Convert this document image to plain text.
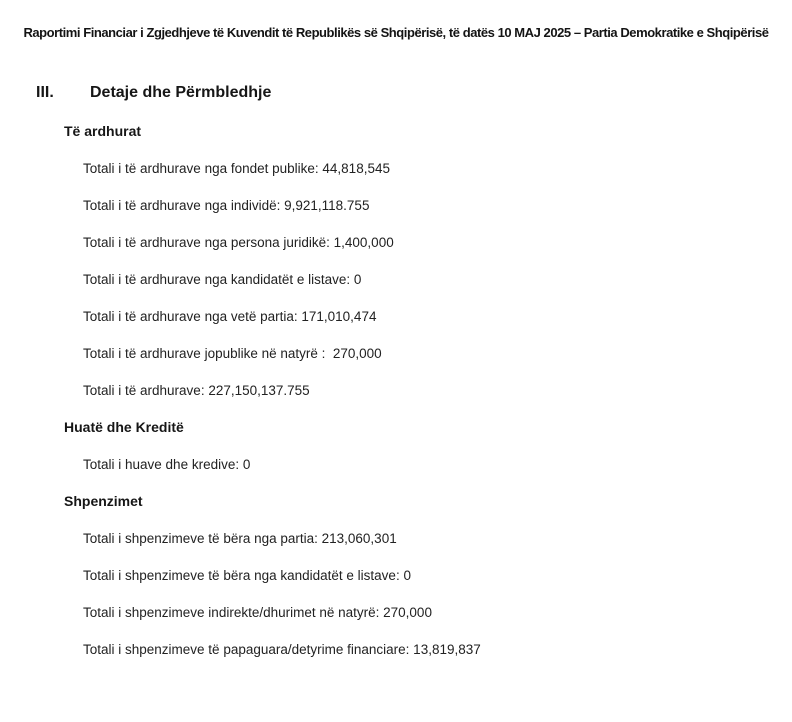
Raportimi Financiar i Zgjedhjeve të Kuvendit të Republikës së Shqipërisë, të datës 10 MAJ 2025 – Partia Demokratike e Shqipërisë
III.	Detaje dhe Përmbledhje
Të ardhurat
Totali i të ardhurave nga fondet publike: 44,818,545
Totali i të ardhurave nga individë: 9,921,118.755
Totali i të ardhurave nga persona juridikë: 1,400,000
Totali i të ardhurave nga kandidatët e listave: 0
Totali i të ardhurave nga vetë partia: 171,010,474
Totali i të ardhurave jopublike në natyrë :  270,000
Totali i të ardhurave: 227,150,137.755
Huatë dhe Kreditë
Totali i huave dhe kredive: 0
Shpenzimet
Totali i shpenzimeve të bëra nga partia: 213,060,301
Totali i shpenzimeve të bëra nga kandidatët e listave: 0
Totali i shpenzimeve indirekte/dhurimet në natyrë: 270,000
Totali i shpenzimeve të papaguara/detyrime financiare: 13,819,837
